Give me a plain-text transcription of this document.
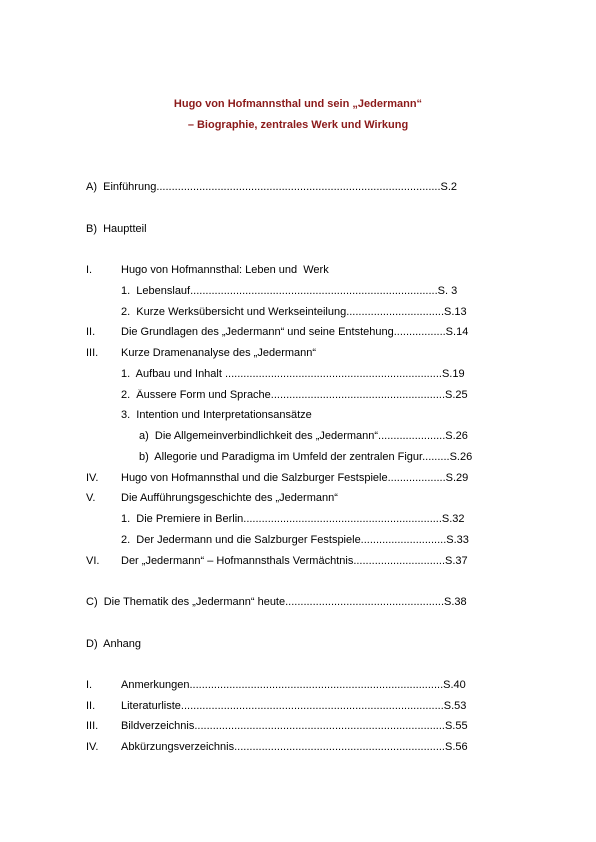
Hugo von Hofmannsthal und sein „Jedermann“
– Biographie, zentrales Werk und Wirkung
A)  Einführung.............................................................................................S.2
B)  Hauptteil
I.	Hugo von Hofmannsthal: Leben und  Werk
1.  Lebenslauf.................................................................................S. 3
2.  Kurze Werksübersicht und Werkseinteilung................................S.13
II. Die Grundlagen des „Jedermann“ und seine Entstehung.................S.14
III. Kurze Dramenanalyse des „Jedermann“
1.  Aufbau und Inhalt .......................................................................S.19
2.  Äussere Form und Sprache.........................................................S.25
3.  Intention und Interpretationsansätze
a)  Die Allgemeinverbindlichkeit des „Jedermann“......................S.26
b)  Allegorie und Paradigma im Umfeld der zentralen Figur.........S.26
IV. Hugo von Hofmannsthal und die Salzburger Festspiele...................S.29
V. Die Aufführungsgeschichte des „Jedermann“
1.  Die Premiere in Berlin.................................................................S.32
2.  Der Jedermann und die Salzburger Festspiele............................S.33
VI. Der „Jedermann“ – Hofmannsthals Vermächtnis..............................S.37
C)  Die Thematik des „Jedermann“ heute....................................................S.38
D)  Anhang
I.	Anmerkungen...................................................................................S.40
II. Literaturliste......................................................................................S.53
III. Bildverzeichnis..................................................................................S.55
IV. Abkürzungsverzeichnis.....................................................................S.56
